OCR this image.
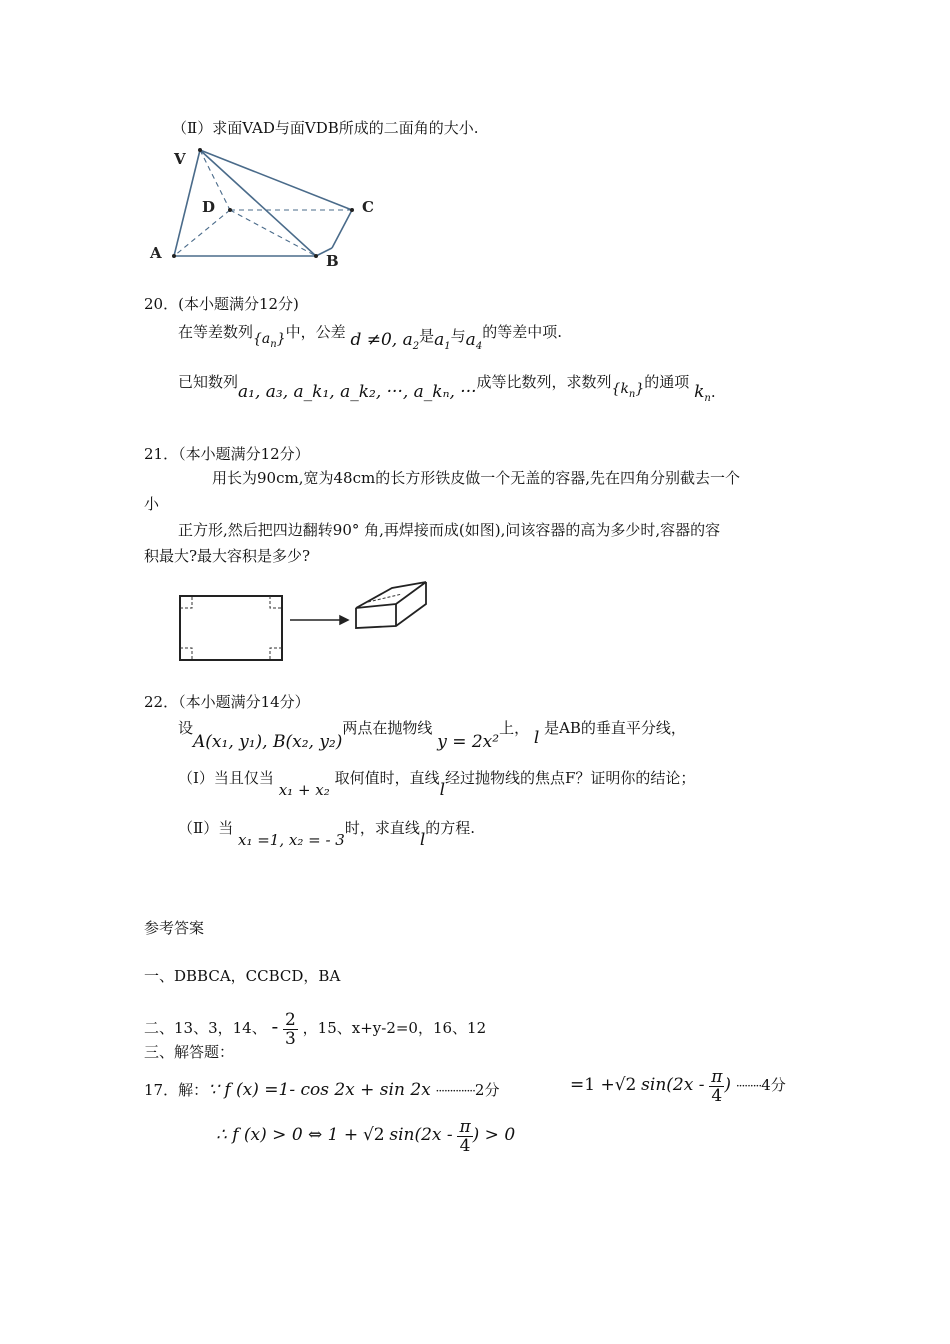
（Ⅱ）求面VAD与面VDB所成的二面角的大小.
V
D	C
A	B
20．(本小题满分12分)
在等差数列$\{a_n\}$中，公差 d ≠0, $a_2$是$a_1$与$a_4$的等差中项.
已知数列a₁, a₃, a_k₁, a_k₂, ···, a_kₙ, ···成等比数列，求数列$\{k_n\}$的通项 $k_n$.
21．（本小题满分12分）
用长为90cm,宽为48cm的长方形铁皮做一个无盖的容器,先在四角分别截去一个
小
正方形,然后把四边翻转90° 角,再焊接而成(如图),问该容器的高为多少时,容器的容
积最大?最大容积是多少?
22．（本小题满分14分）
设A(x₁, y₁), B(x₂, y₂)两点在抛物线 y = 2x²上， l 是AB的垂直平分线，
（Ⅰ）当且仅当 x₁ + x₂ 取何值时，直线l经过抛物线的焦点F？证明你的结论；
（Ⅱ）当 x₁ =1, x₂ = - 3时，求直线l的方程.
参考答案
一、DBBCA，CCBCD，BA
二、13、3，14、 - $\frac{2}{3}$ ，15、x+y-2=0，16、12
三、解答题：
17．解：∵ f (x) =1- cos 2x + sin 2x ··············2分	=1 +√2 $\sin(2x - \frac{\pi}{4}$ ) ·········4分
∴ f (x) > 0 ⇔ 1 + √2 $\sin(2x - \frac{\pi}{4}$ ) > 0
